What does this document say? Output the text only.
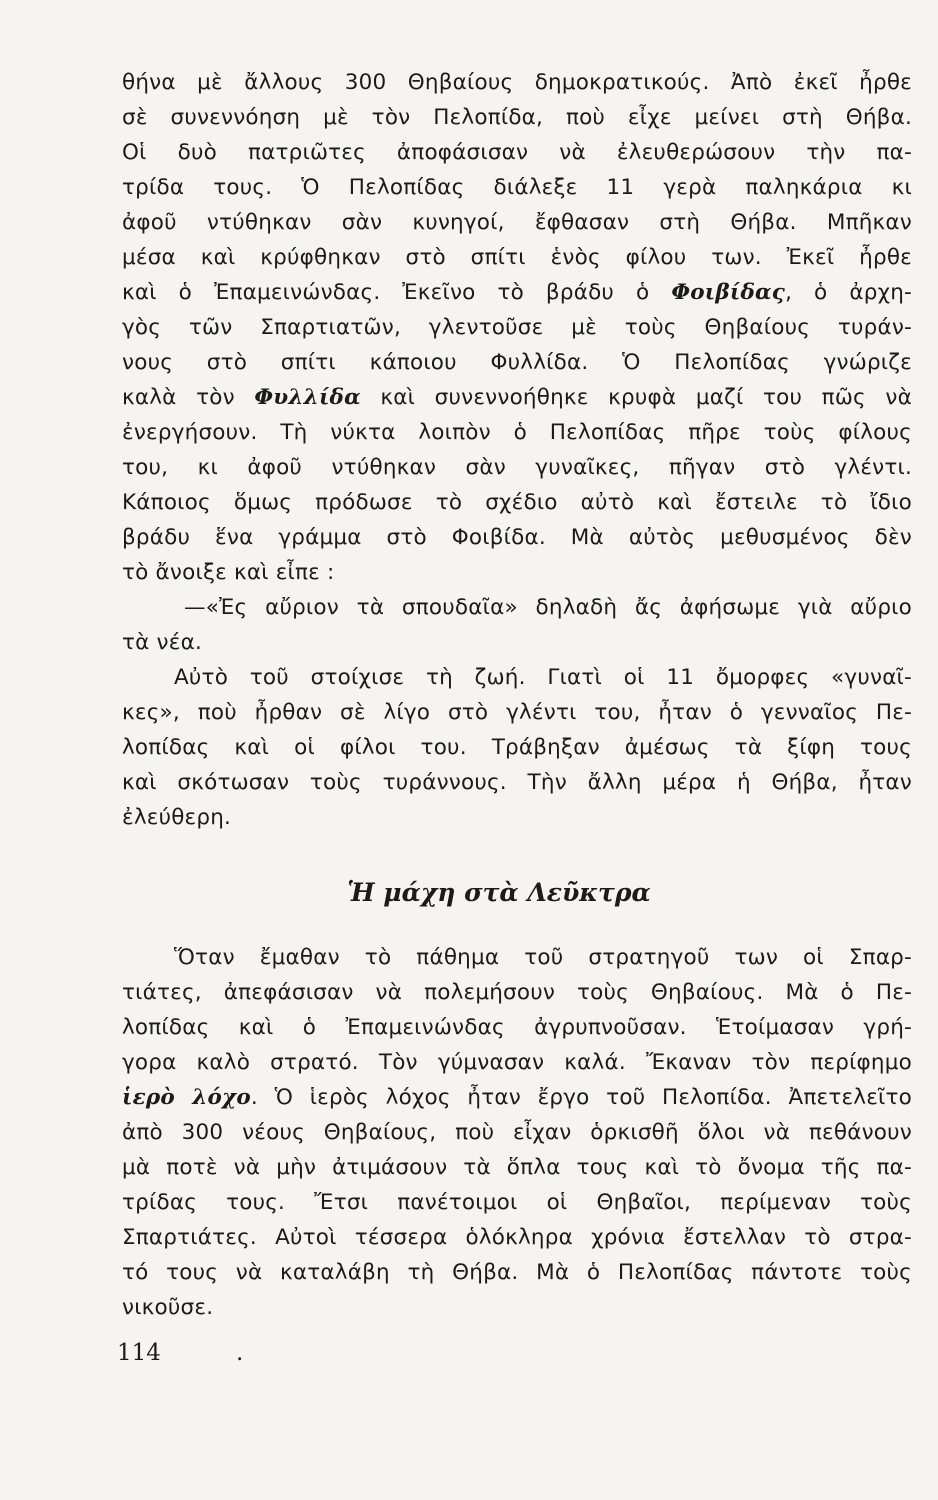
θήνα μὲ ἄλλους 300 Θηβαίους δημοκρατικούς. Ἀπὸ ἐκεῖ ἦρθε
σὲ συνεννόηση μὲ τὸν Πελοπίδα, ποὺ εἶχε μείνει στὴ Θήβα.
Οἱ δυὸ πατριῶτες ἀποφάσισαν νὰ ἐλευθερώσουν τὴν πα-
τρίδα τους. Ὁ Πελοπίδας διάλεξε 11 γερὰ παληκάρια κι
ἀφοῦ ντύθηκαν σὰν κυνηγοί, ἔφθασαν στὴ Θήβα. Μπῆκαν
μέσα καὶ κρύφθηκαν στὸ σπίτι ἑνὸς φίλου των. Ἐκεῖ ἦρθε
καὶ ὁ Ἐπαμεινώνδας. Ἐκεῖνο τὸ βράδυ ὁ Φοιβίδας, ὁ ἀρχη-
γὸς τῶν Σπαρτιατῶν, γλεντοῦσε μὲ τοὺς Θηβαίους τυράν-
νους στὸ σπίτι κάποιου Φυλλίδα. Ὁ Πελοπίδας γνώριζε
καλὰ τὸν Φυλλίδα καὶ συνεννοήθηκε κρυφὰ μαζί του πῶς νὰ
ἐνεργήσουν. Τὴ νύκτα λοιπὸν ὁ Πελοπίδας πῆρε τοὺς φίλους
του, κι ἀφοῦ ντύθηκαν σὰν γυναῖκες, πῆγαν στὸ γλέντι.
Κάποιος ὅμως πρόδωσε τὸ σχέδιο αὐτὸ καὶ ἔστειλε τὸ ἴδιο
βράδυ ἕνα γράμμα στὸ Φοιβίδα. Μὰ αὐτὸς μεθυσμένος δὲν
τὸ ἄνοιξε καὶ εἶπε :
—«Ἐς αὔριον τὰ σπουδαῖα» δηλαδὴ ἄς ἀφήσωμε γιὰ αὔριο
τὰ νέα.
Αὐτὸ τοῦ στοίχισε τὴ ζωή. Γιατὶ οἱ 11 ὄμορφες «γυναῖ-
κες», ποὺ ἦρθαν σὲ λίγο στὸ γλέντι του, ἦταν ὁ γενναῖος Πε-
λοπίδας καὶ οἱ φίλοι του. Τράβηξαν ἀμέσως τὰ ξίφη τους
καὶ σκότωσαν τοὺς τυράννους. Τὴν ἄλλη μέρα ἡ Θήβα, ἦταν
ἐλεύθερη.
Ἡ μάχη στὰ Λεῦκτρα
Ὅταν ἔμαθαν τὸ πάθημα τοῦ στρατηγοῦ των οἱ Σπαρ-
τιάτες, ἀπεφάσισαν νὰ πολεμήσουν τοὺς Θηβαίους. Μὰ ὁ Πε-
λοπίδας καὶ ὁ Ἐπαμεινώνδας ἀγρυπνοῦσαν. Ἑτοίμασαν γρή-
γορα καλὸ στρατό. Τὸν γύμνασαν καλά. Ἔκαναν τὸν περίφημο
ἱερὸ λόχο. Ὁ ἱερὸς λόχος ἦταν ἔργο τοῦ Πελοπίδα. Ἀπετελεῖτο
ἀπὸ 300 νέους Θηβαίους, ποὺ εἶχαν ὁρκισθῆ ὅλοι νὰ πεθάνουν
μὰ ποτὲ νὰ μὴν ἀτιμάσουν τὰ ὅπλα τους καὶ τὸ ὄνομα τῆς πα-
τρίδας τους. Ἔτσι πανέτοιμοι οἱ Θηβαῖοι, περίμεναν τοὺς
Σπαρτιάτες. Αὐτοὶ τέσσερα ὁλόκληρα χρόνια ἔστελλαν τὸ στρα-
τό τους νὰ καταλάβη τὴ Θήβα. Μὰ ὁ Πελοπίδας πάντοτε τοὺς
νικοῦσε.
114	.
